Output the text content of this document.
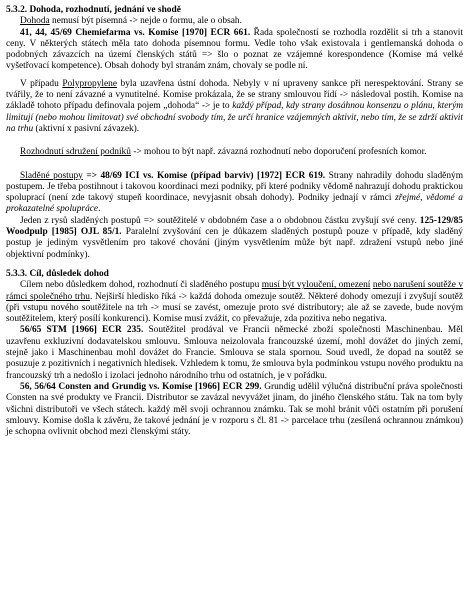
5.3.2. Dohoda, rozhodnutí, jednání ve shodě

Dohoda nemusí být písemná -> nejde o formu, ale o obsah.

41, 44, 45/69 Chemiefarma vs. Komise [1970] ECR 661. Řada společností se rozhodla rozdělit si trh a stanovit ceny. V některých státech měla tato dohoda písemnou formu. Vedle toho však existovala i gentlemanská dohoda o podobných závazcích na území členských států => šlo o poznat ze vzájemné korespondence (Komise má velké vyšetřovací kompetence). Obsah dohody byl stranám znám, chovaly se podle ní.

V případu Polypropylene byla uzavřena ústní dohoda. Nebyly v ní upraveny sankce při nerespektování. Strany se tvářily, že to není závazné a vynutitelné. Komise prokázala, že se strany smlouvou řídí -> následoval postih. Komise na základě tohoto případu definovala pojem „dohoda“ -> je to každý případ, kdy strany dosáhnou konsenzu o plánu, kterým limitují (nebo mohou limitovat) své obchodní svobody tím, že určí hranice vzájemných aktivit, nebo tím, že se zdrží aktivit na trhu (aktivní x pasivní závazek).

Rozhodnutí sdružení podniků -> mohou to být např. závazná rozhodnutí nebo doporučení profesních komor.

Sladěné postupy => 48/69 ICI vs. Komise (případ barviv) [1972] ECR 619. Strany nahradily dohodu sladěným postupem. Je třeba postihnout i takovou koordinaci mezi podniky, při které podniky vědomě nahrazují dohodu praktickou spoluprací (není zde takový stupeň koordinace, nevyjasnit obsah dohody). Podniky jednají v rámci zřejmé, vědomé a prokazatelné spolupráce.

Jeden z rysů sladěných postupů => soutěžitelé v obdobném čase a o obdobnou částku zvyšují své ceny. 125-129/85 Woodpulp [1985] OJL 85/1. Paralelní zvyšování cen je důkazem sladěných postupů pouze v případě, kdy sladěný postup je jediným vysvětlením pro takové chování (jiným vysvětlením může být např. zdražení vstupů nebo jiné objektivní podmínky).

5.3.3. Cíl, důsledek dohod

Cílem nebo důsledkem dohod, rozhodnutí či sladěného postupu musí být vyloučení, omezení nebo narušení soutěže v rámci společného trhu. Nejširší hledisko říká -> každá dohoda omezuje soutěž. Některé dohody omezují i zvyšují soutěž (při vstupu nového soutěžitele na trh -> musí se zavést, omezuje proto své distributory; ale až se zavede, bude novým soutěžitelem, který posílí konkurenci). Komise musí zvážit, co převažuje, zda pozitiva nebo negativa.

56/65 STM [1966] ECR 235. Soutěžitel prodával ve Francii německé zboží společnosti Maschinenbau. Měl uzavřenu exkluzivní dodavatelskou smlouvu. Smlouva neizolovala francouzské území, mohl dovážet do jiných zemí, stejně jako i Maschinenbau mohl dovážet do Francie. Smlouva se stala spornou. Soud uvedl, že dopad na soutěž se posuzuje z pozitivních i negativních hledisek. Vzhledem k tomu, že smlouva byla podmínkou vstupu nového produktu na francouzský trh a nedošlo i izolaci jednoho národního trhu od ostatních, je v pořádku.

56, 56/64 Consten and Grundig vs. Komise [1966] ECR 299. Grundig udělil výlučná distribuční práva společnosti Consten na své produkty ve Francii. Distributor se zavázal nevyvážet jinam, do jiného členského státu. Tak na tom byly všichni distributoři ve všech státech. každý měl svoji ochrannou známku. Tak se mohl bránit vůči ostatním při porušení smlouvy. Komise došla k závěru, že takové jednání je v rozporu s čl. 81 -> parcelace trhu (zesílená ochrannou známkou) je schopna ovlivnit obchod mezi členskými státy.
